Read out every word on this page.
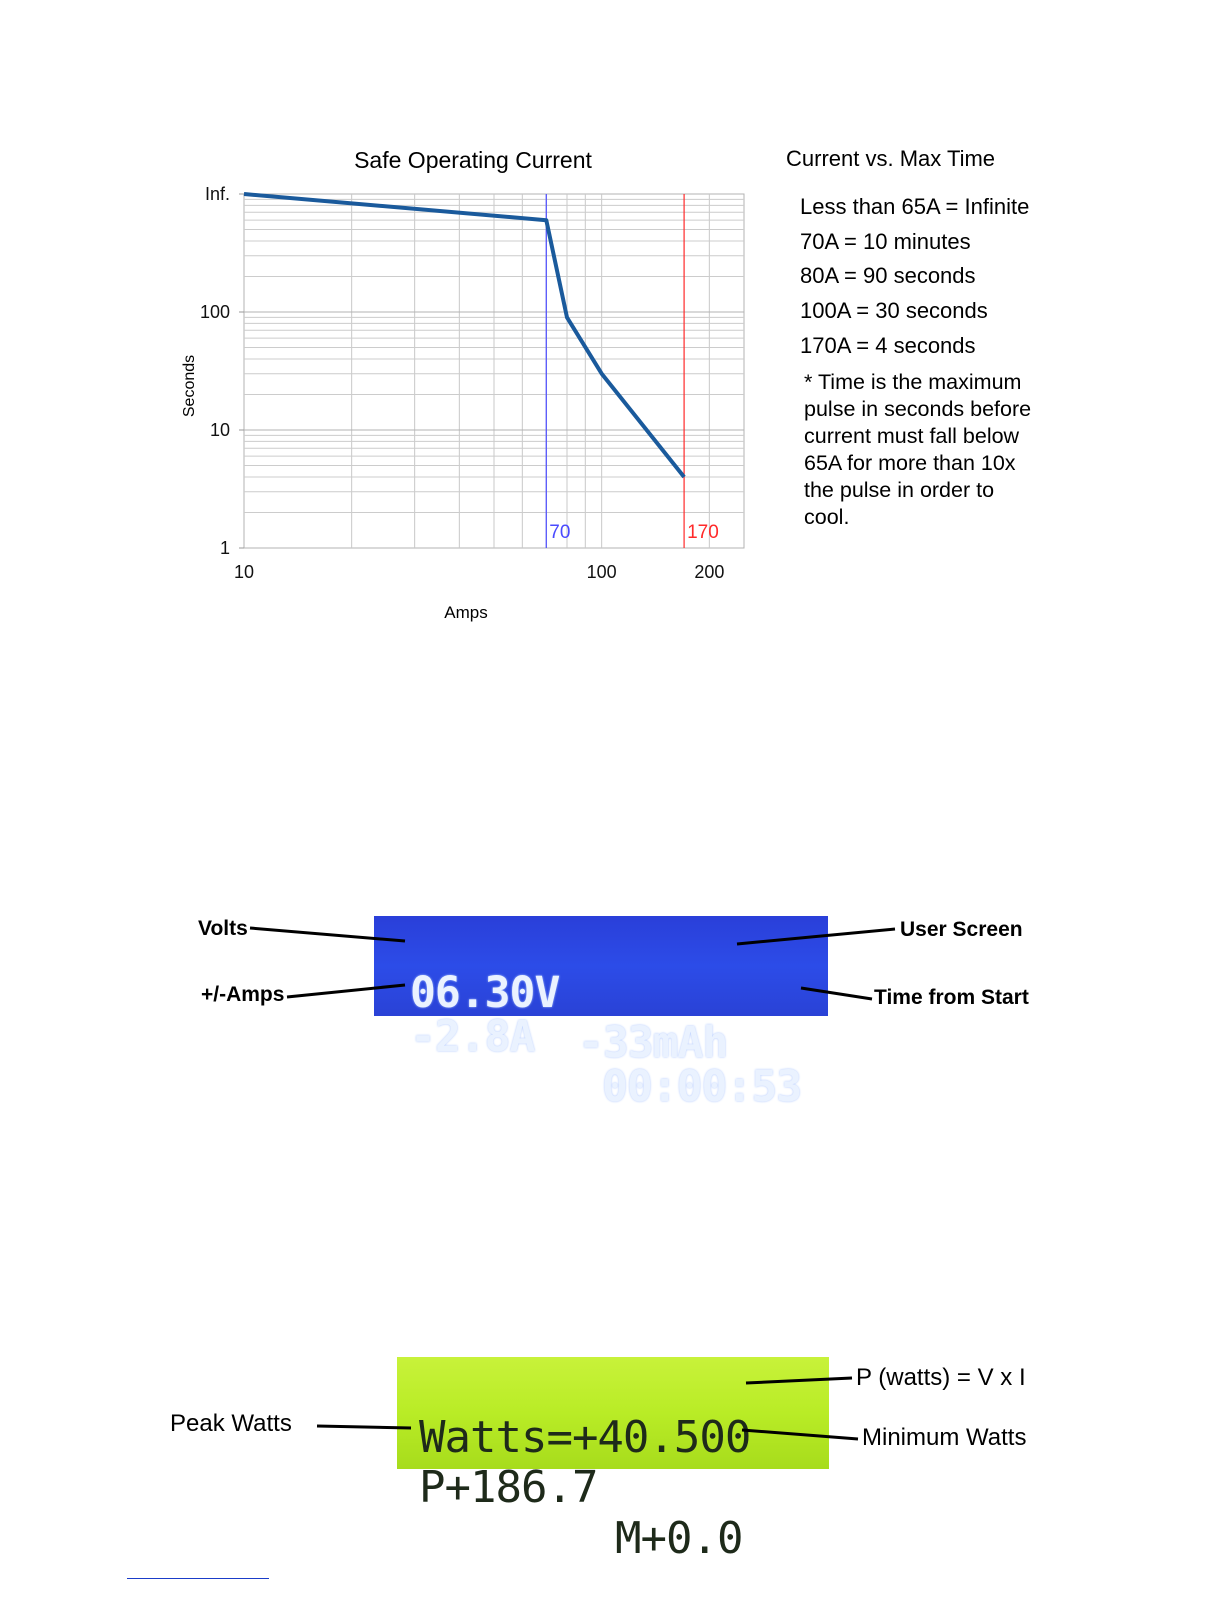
70	170
1
10
100
Inf.
10	100	200
Safe Operating Current
Amps
Seconds
Current vs. Max Time
Less than 65A = Infinite
70A = 10 minutes
80A = 90 seconds
100A = 30 seconds
170A = 4 seconds
* Time is the maximum pulse in seconds before current must fall below 65A for more than 10x the pulse in order to cool.

06.30V

-33mAh

-2.8A

00:00:53

Volts
+/-Amps
User Screen
Time from Start

Watts=+40.500

P+186.7

M+0.0

Peak Watts
P (watts) = V x I
Minimum Watts
